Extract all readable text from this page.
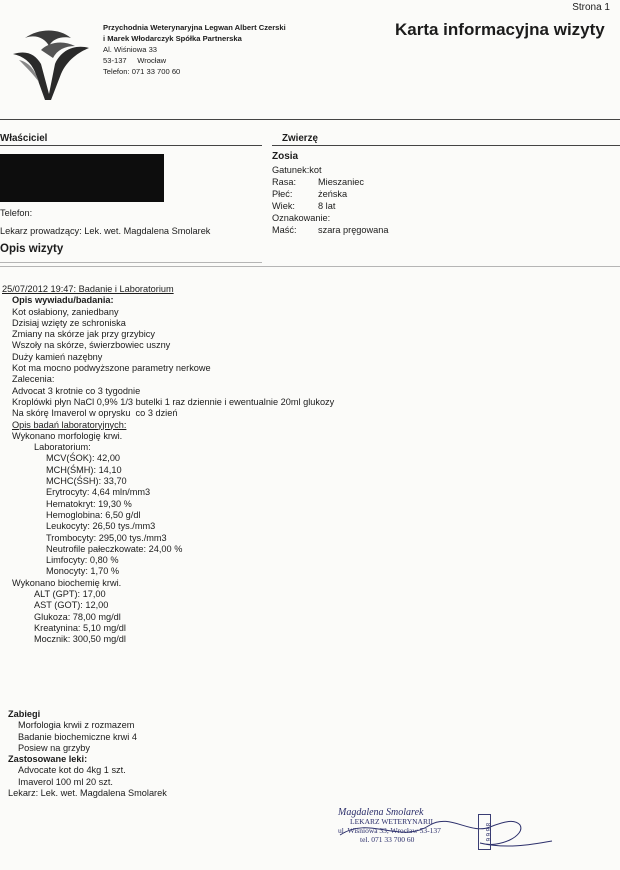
Strona 1
Przychodnia Weterynaryjna Legwan Albert Czerski
i Marek Włodarczyk Spółka Partnerska
Al. Wiśniowa 33
53-137     Wrocław
Telefon: 071 33 700 60
Karta informacyjna wizyty
Właściciel	Zwierzę
Telefon:
Lekarz prowadzący: Lek. wet. Magdalena Smolarek
Opis wizyty
Zosia
Gatunek:kot
Rasa:	Mieszaniec
Płeć:	żeńska
Wiek:	8 lat
Oznakowanie:
Maść:	szara pręgowana
25/07/2012 19:47: Badanie i Laboratorium
Opis wywiadu/badania:
Kot osłabiony, zaniedbany
Dzisiaj wzięty ze schroniska
Zmiany na skórze jak przy grzybicy
Wszoły na skórze, świerzbowiec uszny
Duży kamień nazębny
Kot ma mocno podwyższone parametry nerkowe
Zalecenia:
Advocat 3 krotnie co 3 tygodnie
Kroplówki płyn NaCl 0,9% 1/3 butelki 1 raz dziennie i ewentualnie 20ml glukozy
Na skórę Imaverol w oprysku  co 3 dzień
Opis badań laboratoryjnych:
Wykonano morfologię krwi.
Laboratorium:
MCV(ŚOK): 42,00
MCH(ŚMH): 14,10
MCHC(ŚSH): 33,70
Erytrocyty: 4,64 mln/mm3
Hematokryt: 19,30 %
Hemoglobina: 6,50 g/dl
Leukocyty: 26,50 tys./mm3
Trombocyty: 295,00 tys./mm3
Neutrofile pałeczkowate: 24,00 %
Limfocyty: 0,80 %
Monocyty: 1,70 %
Wykonano biochemię krwi.
ALT (GPT): 17,00
AST (GOT): 12,00
Glukoza: 78,00 mg/dl
Kreatynina: 5,10 mg/dl
Mocznik: 300,50 mg/dl
Zabiegi
Morfologia krwii z rozmazem
Badanie biochemiczne krwi 4
Posiew na grzyby
Zastosowane leki:
Advocate kot do 4kg 1 szt.
Imaverol 100 ml 20 szt.
Lekarz: Lek. wet. Magdalena Smolarek
Magdalena Smolarek
LEKARZ WETERYNARII
ul. Wiśniowa 33, Wrocław 53-137
tel. 071 33 700 60	8 6 6 6
